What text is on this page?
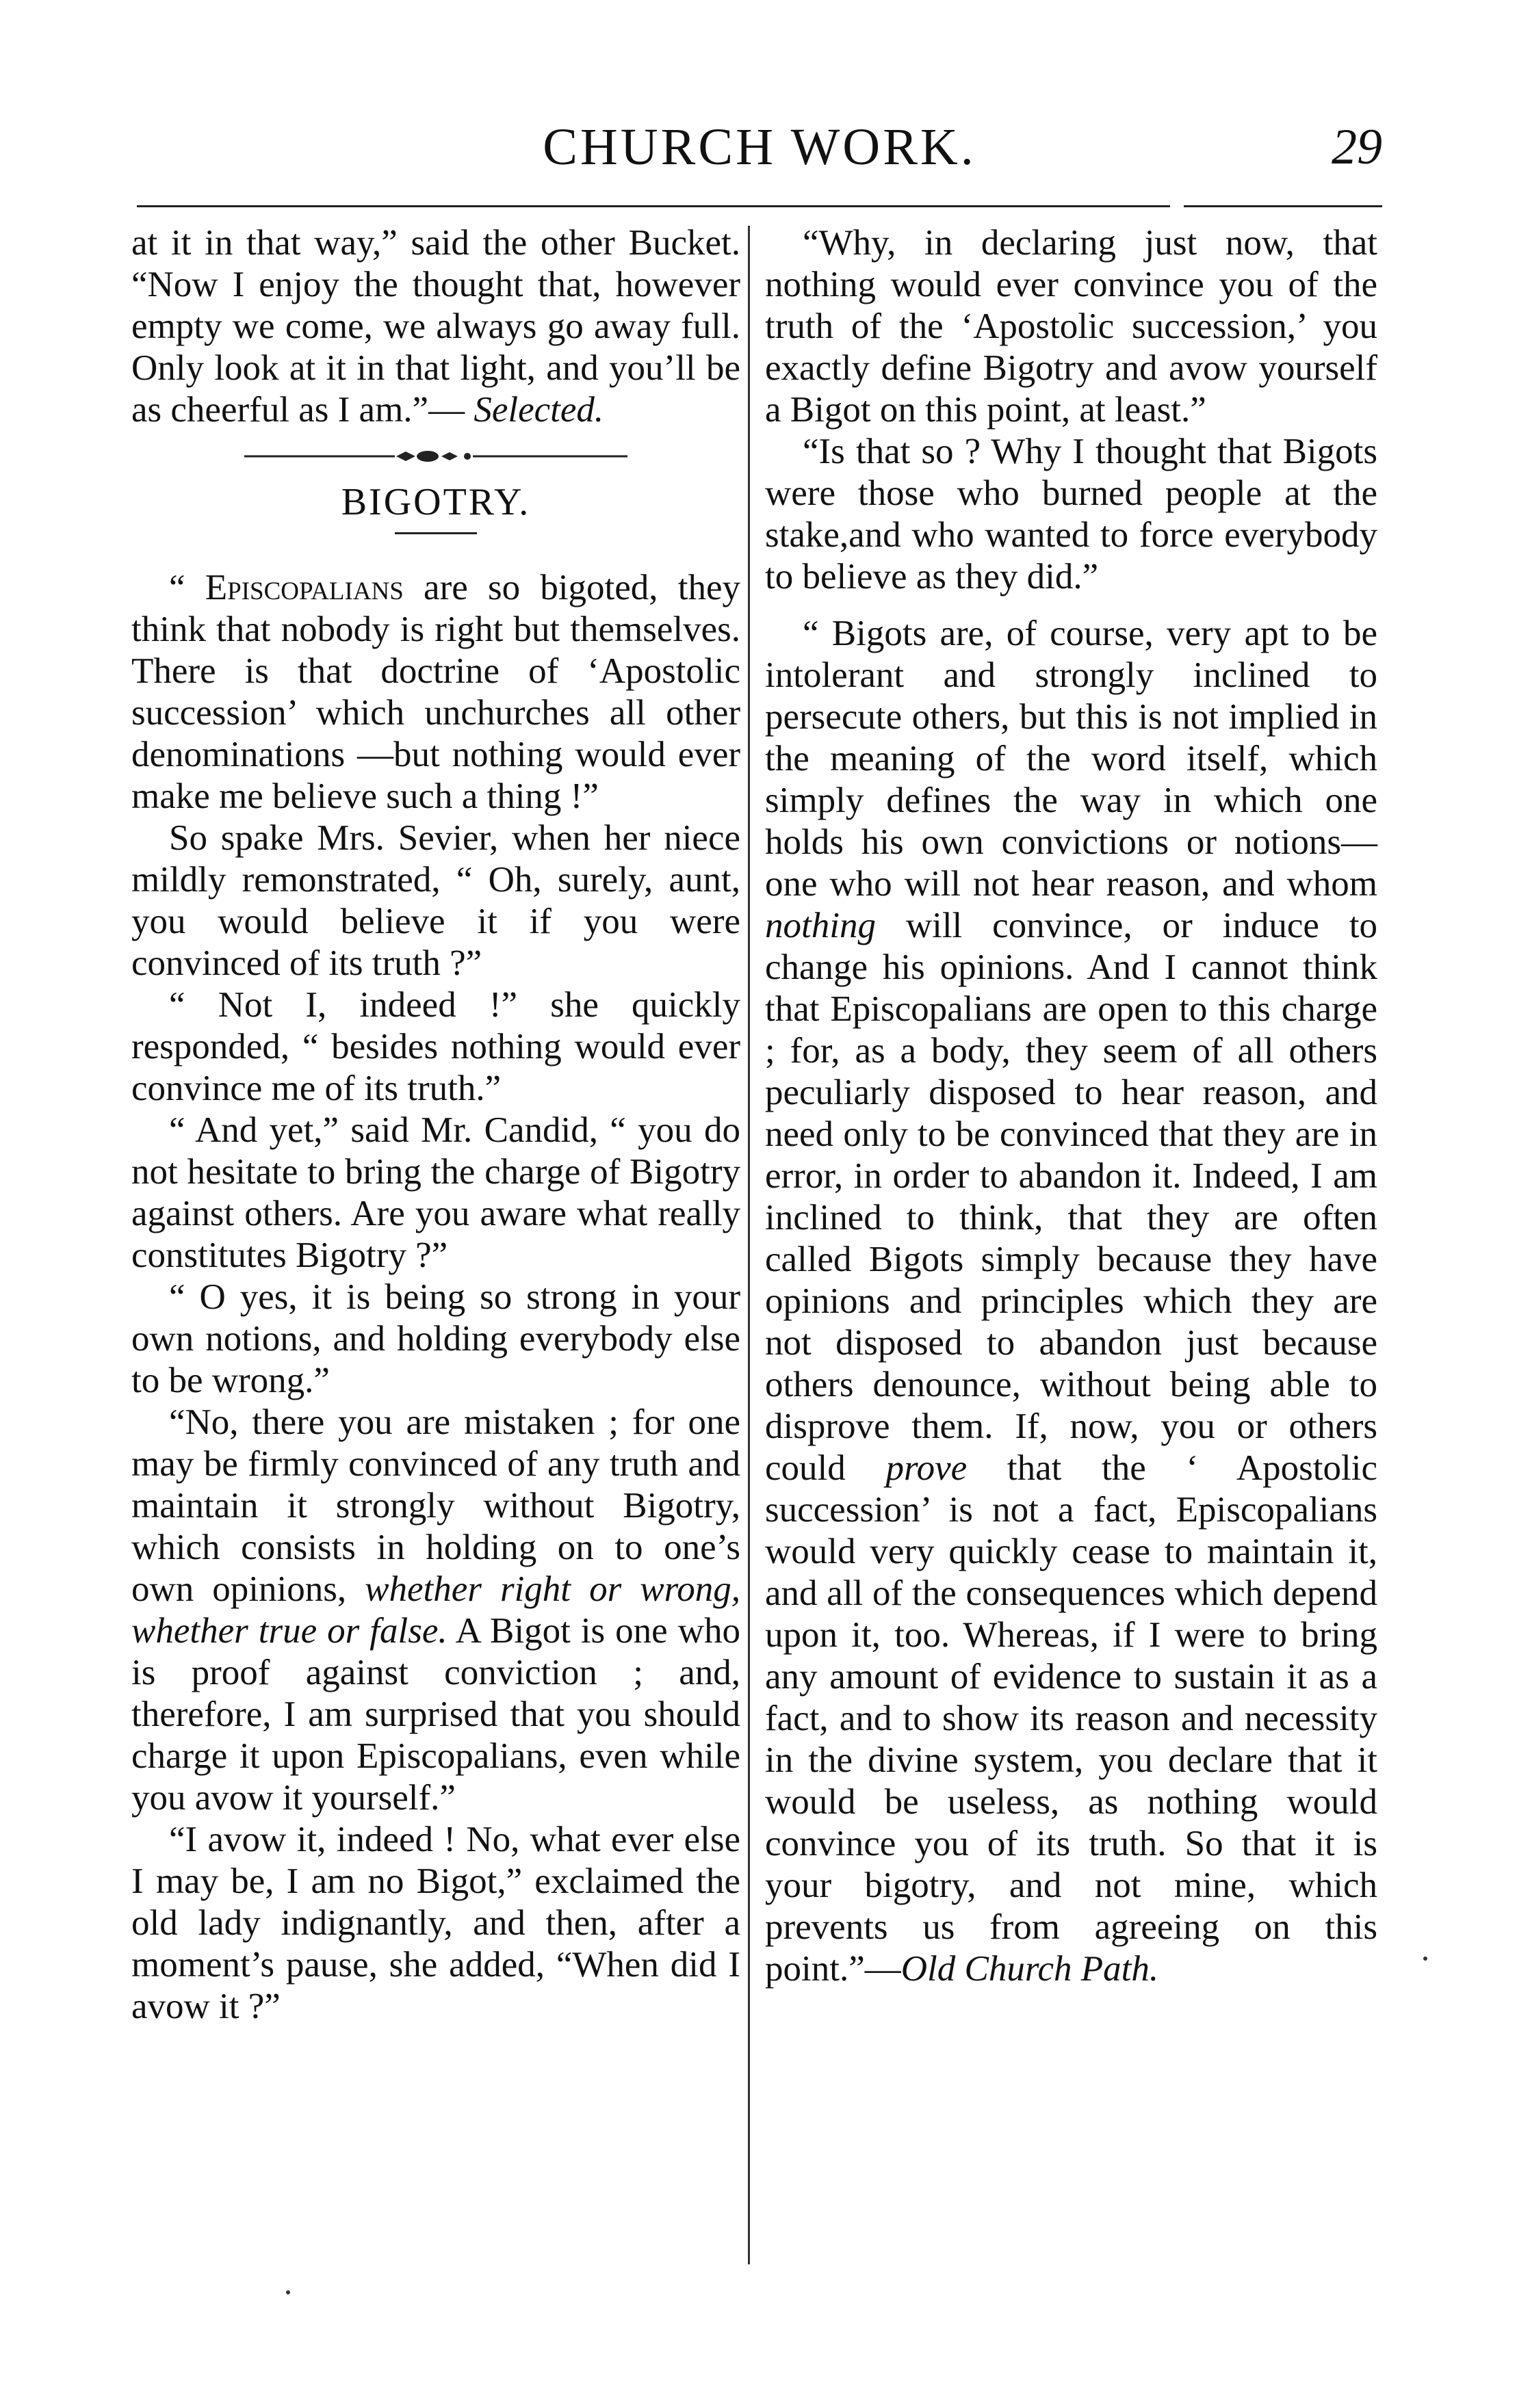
CHURCH WORK.	29

at it in that way,” said the other Bucket. “Now I enjoy the thought that, however empty we come, we always go away full. Only look at it in that light, and you’ll be as cheerful as I am.”— Selected.

BIGOTRY.

“ Episcopalians are so bigoted, they think that nobody is right but themselves. There is that doctrine of ‘Apostolic succession’ which unchurches all other denominations —but nothing would ever make me believe such a thing !”

So spake Mrs. Sevier, when her niece mildly remonstrated, “ Oh, surely, aunt, you would believe it if you were convinced of its truth ?”

“ Not I, indeed !” she quickly responded, “ besides nothing would ever convince me of its truth.”

“ And yet,” said Mr. Candid, “ you do not hesitate to bring the charge of Bigotry against others. Are you aware what really constitutes Bigotry ?”

“ O yes, it is being so strong in your own notions, and holding everybody else to be wrong.”

“No, there you are mistaken ; for one may be firmly convinced of any truth and maintain it strongly without Bigotry, which consists in holding on to one’s own opinions, whether right or wrong, whether true or false. A Bigot is one who is proof against conviction ; and, therefore, I am surprised that you should charge it upon Episcopalians, even while you avow it yourself.”

“I avow it, indeed ! No, what ever else I may be, I am no Bigot,” exclaimed the old lady indignantly, and then, after a moment’s pause, she added, “When did I avow it ?”

“Why, in declaring just now, that nothing would ever convince you of the truth of the ‘Apostolic succession,’ you exactly define Bigotry and avow yourself a Bigot on this point, at least.”

“Is that so ? Why I thought that Bigots were those who burned people at the stake,and who wanted to force everybody to believe as they did.”

“ Bigots are, of course, very apt to be intolerant and strongly inclined to persecute others, but this is not implied in the meaning of the word itself, which simply defines the way in which one holds his own convictions or notions—one who will not hear reason, and whom nothing will convince, or induce to change his opinions. And I cannot think that Episcopalians are open to this charge ; for, as a body, they seem of all others peculiarly disposed to hear reason, and need only to be convinced that they are in error, in order to abandon it. Indeed, I am inclined to think, that they are often called Bigots simply because they have opinions and principles which they are not disposed to abandon just because others denounce, without being able to disprove them. If, now, you or others could prove that the ‘ Apostolic succession’ is not a fact, Episcopalians would very quickly cease to maintain it, and all of the consequences which depend upon it, too. Whereas, if I were to bring any amount of evidence to sustain it as a fact, and to show its reason and necessity in the divine system, you declare that it would be useless, as nothing would convince you of its truth. So that it is your bigotry, and not mine, which prevents us from agreeing on this point.”—Old Church Path.
